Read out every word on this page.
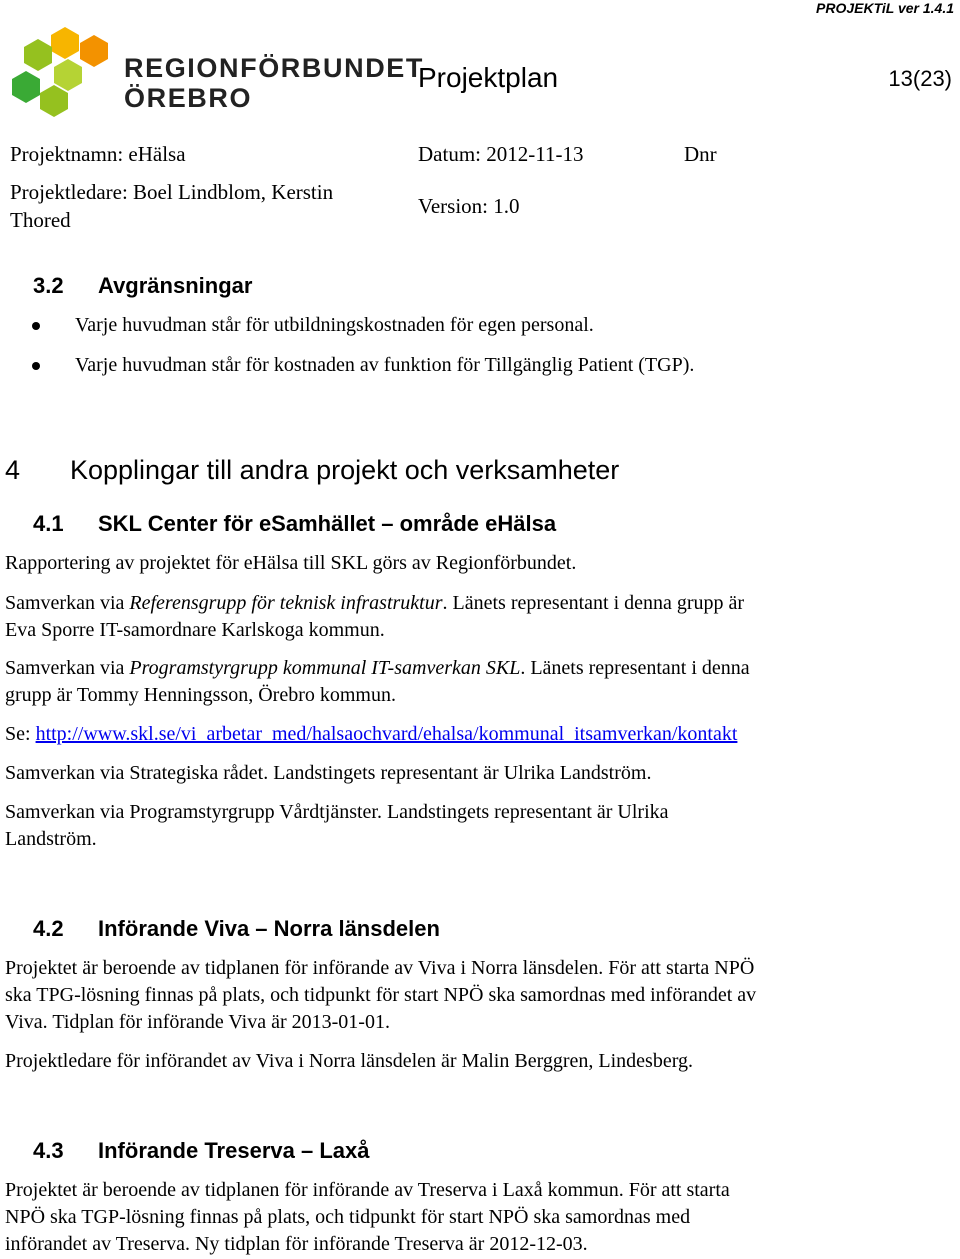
PROJEKTiL ver 1.4.1
REGIONFÖRBUNDET
ÖREBRO
Projektplan	13(23)
Projektnamn: eHälsa	Datum: 2012-11-13	Dnr
Projektledare: Boel Lindblom, Kerstin
Thored
Version: 1.0
3.2 Avgränsningar
Varje huvudman står för utbildningskostnaden för egen personal.
Varje huvudman står för kostnaden av funktion för Tillgänglig Patient (TGP).
4 Kopplingar till andra projekt och verksamheter
4.1 SKL Center för eSamhället – område eHälsa
Rapportering av projektet för eHälsa till SKL görs av Regionförbundet.
Samverkan via Referensgrupp för teknisk infrastruktur. Länets representant i denna grupp är
Eva Sporre IT-samordnare Karlskoga kommun.
Samverkan via Programstyrgrupp kommunal IT-samverkan SKL. Länets representant i denna
grupp är Tommy Henningsson, Örebro kommun.
Se: http://www.skl.se/vi_arbetar_med/halsaochvard/ehalsa/kommunal_itsamverkan/kontakt
Samverkan via Strategiska rådet. Landstingets representant är Ulrika Landström.
Samverkan via Programstyrgrupp Vårdtjänster. Landstingets representant är Ulrika
Landström.
4.2 Införande Viva – Norra länsdelen
Projektet är beroende av tidplanen för införande av Viva i Norra länsdelen. För att starta NPÖ
ska TPG-lösning finnas på plats, och tidpunkt för start NPÖ ska samordnas med införandet av
Viva. Tidplan för införande Viva är 2013-01-01.
Projektledare för införandet av Viva i Norra länsdelen är Malin Berggren, Lindesberg.
4.3 Införande Treserva – Laxå
Projektet är beroende av tidplanen för införande av Treserva i Laxå kommun. För att starta
NPÖ ska TGP-lösning finnas på plats, och tidpunkt för start NPÖ ska samordnas med
införandet av Treserva. Ny tidplan för införande Treserva är 2012-12-03.
